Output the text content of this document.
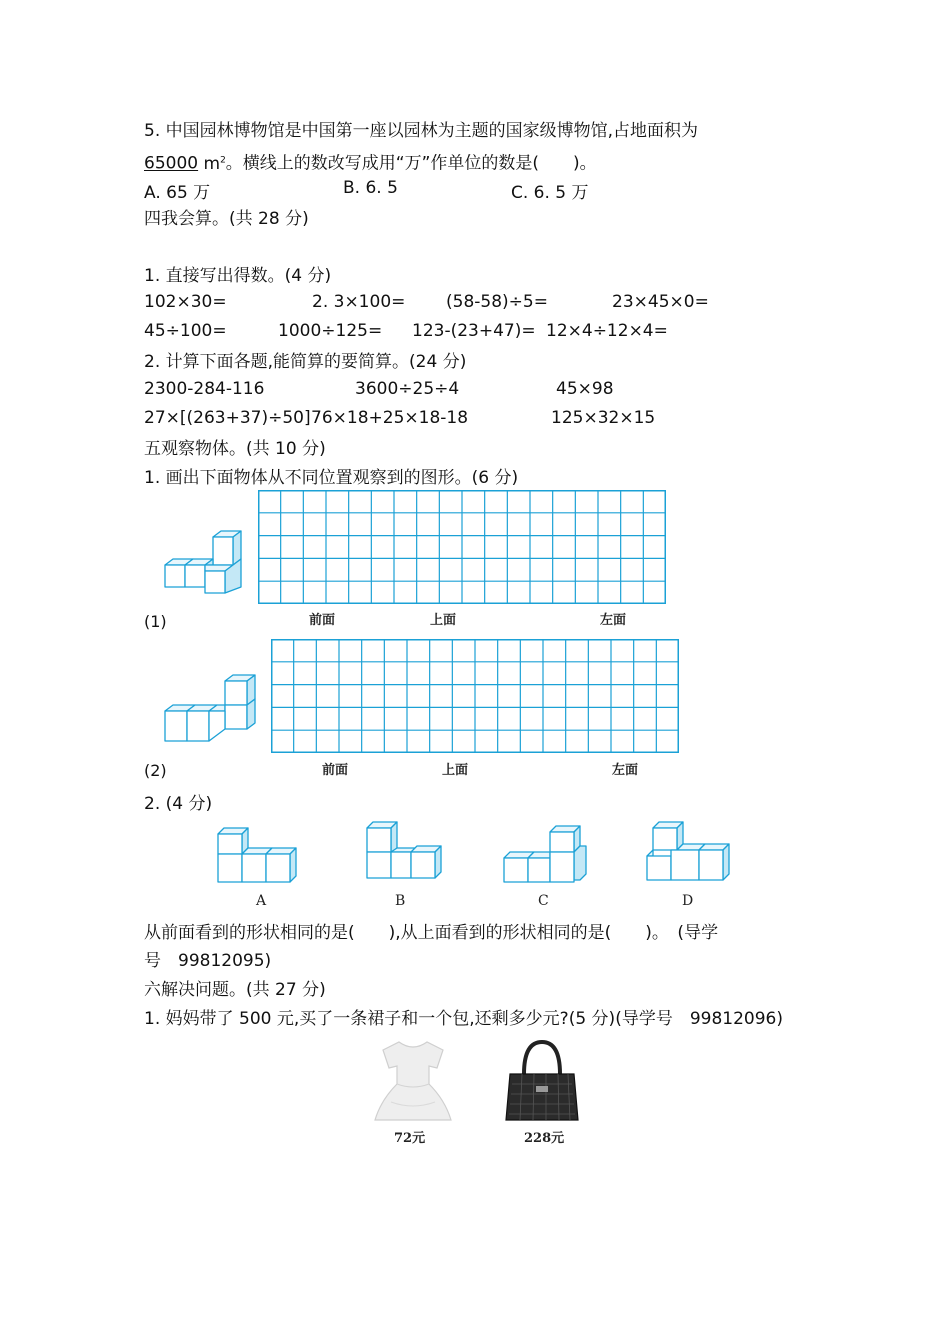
5. 中国园林博物馆是中国第一座以园林为主题的国家级博物馆,占地面积为
65000 $m^2$。横线上的数改写成用“万”作单位的数是(　　)。
A. 65 万	B. 6. 5	C. 6. 5 万
四我会算。(共 28 分)
1. 直接写出得数。(4 分)
102×30=	2. 3×100= (58-58)÷5=	23×45×0=
45÷100=	1000÷125= 123-(23+47)= 12×4÷12×4=
2. 计算下面各题,能简算的要简算。(24 分)
2300-284-116	3600÷25÷4	45×98
27×[(263+37)÷50] 76×18+25×18-18	125×32×15
五观察物体。(共 10 分)
1. 画出下面物体从不同位置观察到的图形。(6 分)
前面	上面	左面
(1)
前面	上面	左面
(2)
2. (4 分)
A	B	C	D
从前面看到的形状相同的是(　　),从上面看到的形状相同的是(　　)。　(导学
号　99812095)
六解决问题。(共 27 分)
1. 妈妈带了 500 元,买了一条裙子和一个包,还剩多少元?(5 分)(导学号　99812096)
72元	228元
